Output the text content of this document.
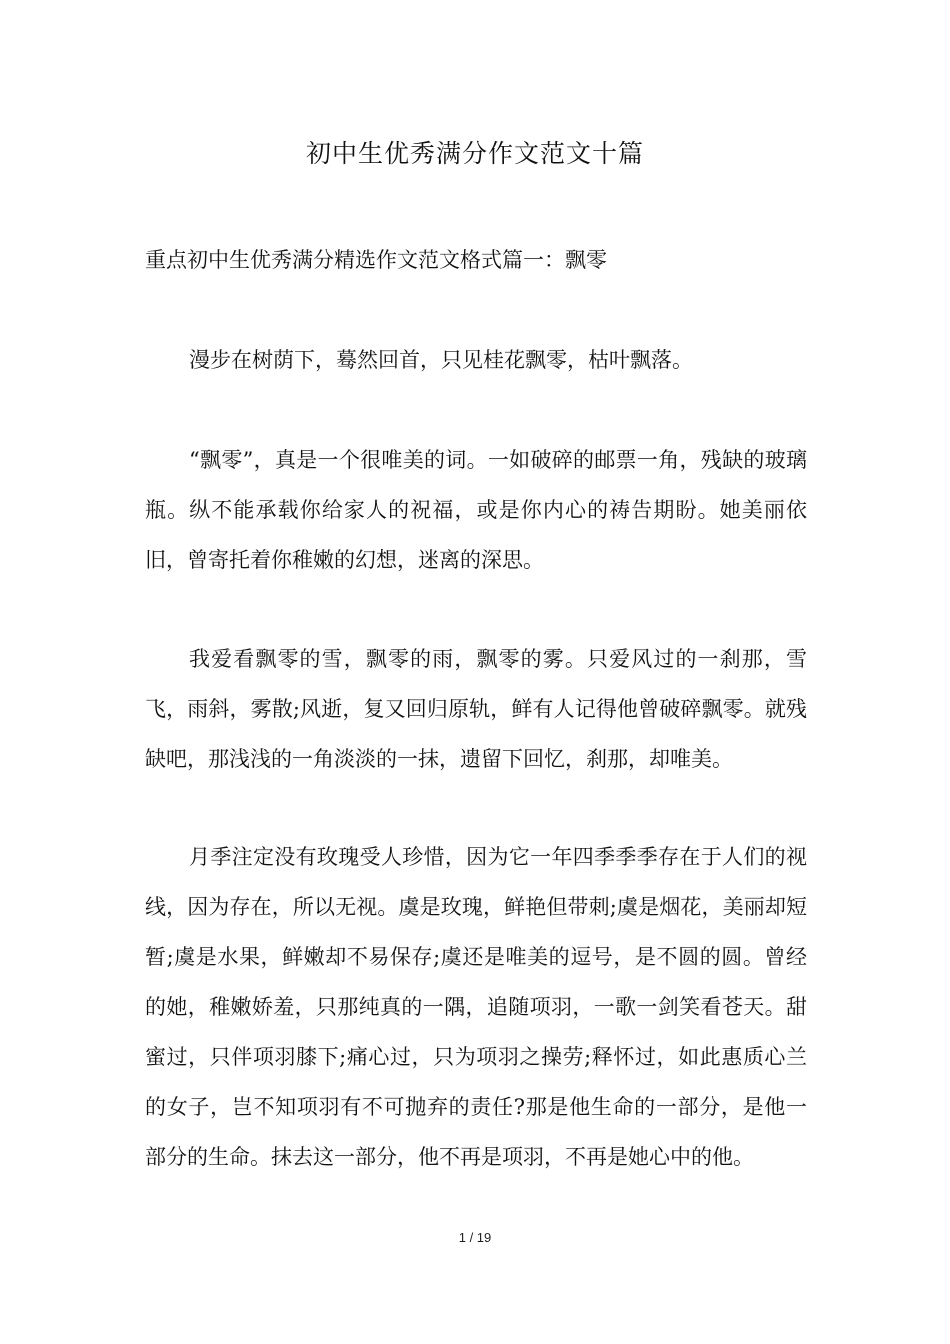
初中生优秀满分作文范文十篇
重点初中生优秀满分精选作文范文格式篇一：飘零

漫步在树荫下，蓦然回首，只见桂花飘零，枯叶飘落。

“飘零”，真是一个很唯美的词。一如破碎的邮票一角，残缺的玻璃瓶。纵不能承载你给家人的祝福，或是你内心的祷告期盼。她美丽依旧，曾寄托着你稚嫩的幻想，迷离的深思。

我爱看飘零的雪，飘零的雨，飘零的雾。只爱风过的一刹那，雪飞，雨斜，雾散;风逝，复又回归原轨，鲜有人记得他曾破碎飘零。就残缺吧，那浅浅的一角淡淡的一抹，遗留下回忆，刹那，却唯美。

月季注定没有玫瑰受人珍惜，因为它一年四季季季存在于人们的视线，因为存在，所以无视。虞是玫瑰，鲜艳但带刺;虞是烟花，美丽却短暂;虞是水果，鲜嫩却不易保存;虞还是唯美的逗号，是不圆的圆。曾经的她，稚嫩娇羞，只那纯真的一隅，追随项羽，一歌一剑笑看苍天。甜蜜过，只伴项羽膝下;痛心过，只为项羽之操劳;释怀过，如此惠质心兰的女子，岂不知项羽有不可抛弃的责任?那是他生命的一部分，是他一部分的生命。抹去这一部分，他不再是项羽，不再是她心中的他。

1 / 19
